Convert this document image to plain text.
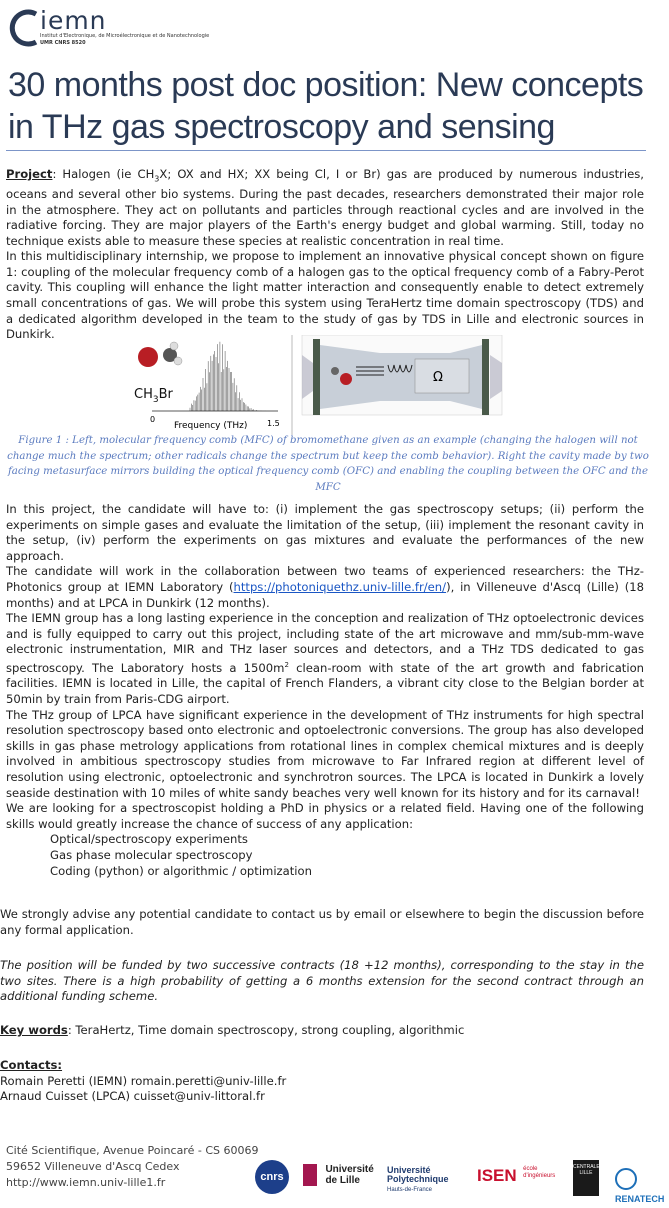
iemn
Institut d'Electronique, de Microélectronique et de Nanotechnologie
UMR CNRS 8520
30 months post doc position: New concepts in THz gas spectroscopy and sensing
Project: Halogen (ie $CH_3X$; OX and HX; XX being Cl, I or Br) gas are produced by numerous industries, oceans and several other bio systems. During the past decades, researchers demonstrated their major role in the atmosphere. They act on pollutants and particles through reactional cycles and are involved in the radiative forcing. They are major players of the Earth's energy budget and global warming. Still, today no technique exists able to measure these species at realistic concentration in real time.
In this multidisciplinary internship, we propose to implement an innovative physical concept shown on figure 1: coupling of the molecular frequency comb of a halogen gas to the optical frequency comb of a Fabry-Perot cavity. This coupling will enhance the light matter interaction and consequently enable to detect extremely small concentrations of gas. We will probe this system using TeraHertz time domain spectroscopy (TDS) and a dedicated algorithm developed in the team to the study of gas by TDS in Lille and electronic sources in Dunkirk.
$CH_3Br$
0	1.5
Frequency (THz)
Ω
Figure 1 : Left, molecular frequency comb (MFC) of bromomethane given as an example (changing the halogen will not change much the spectrum; other radicals change the spectrum but keep the comb behavior). Right the cavity made by two facing metasurface mirrors building the optical frequency comb (OFC) and enabling the coupling between the OFC and the MFC
In this project, the candidate will have to: (i) implement the gas spectroscopy setups; (ii) perform the experiments on simple gases and evaluate the limitation of the setup, (iii) implement the resonant cavity in the setup, (iv) perform the experiments on gas mixtures and evaluate the performances of the new approach.
The candidate will work in the collaboration between two teams of experienced researchers: the THz-Photonics group at IEMN Laboratory (https://photoniquethz.univ-lille.fr/en/), in Villeneuve d'Ascq (Lille) (18 months) and at LPCA in Dunkirk (12 months).
The IEMN group has a long lasting experience in the conception and realization of THz optoelectronic devices and is fully equipped to carry out this project, including state of the art microwave and mm/sub-mm-wave electronic instrumentation, MIR and THz laser sources and detectors, and a THz TDS dedicated to gas spectroscopy. The Laboratory hosts a $1500m^2$ clean-room with state of the art growth and fabrication facilities. IEMN is located in Lille, the capital of French Flanders, a vibrant city close to the Belgian border at 50min by train from Paris-CDG airport.
The THz group of LPCA have significant experience in the development of THz instruments for high spectral resolution spectroscopy based onto electronic and optoelectronic conversions. The group has also developed skills in gas phase metrology applications from rotational lines in complex chemical mixtures and is deeply involved in ambitious spectroscopy studies from microwave to Far Infrared region at different level of resolution using electronic, optoelectronic and synchrotron sources. The LPCA is located in Dunkirk a lovely seaside destination with 10 miles of white sandy beaches very well known for its history and for its carnaval!
We are looking for a spectroscopist holding a PhD in physics or a related field. Having one of the following skills would greatly increase the chance of success of any application:
Optical/spectroscopy experiments
Gas phase molecular spectroscopy
Coding (python) or algorithmic / optimization
We strongly advise any potential candidate to contact us by email or elsewhere to begin the discussion before any formal application.
The position will be funded by two successive contracts (18 +12 months), corresponding to the stay in the two sites. There is a high probability of getting a 6 months extension for the second contract through an additional funding scheme.
Key words: TeraHertz, Time domain spectroscopy, strong coupling, algorithmic
Contacts:
Romain Peretti (IEMN) romain.peretti@univ-lille.fr
Arnaud Cuisset (LPCA) cuisset@univ-littoral.fr
Cité Scientifique, Avenue Poincaré - CS 60069
59652 Villeneuve d'Ascq Cedex
http://www.iemn.univ-lille1.fr	cnrs
Université
de Lille
Université
Polytechnique
Hauts-de-France
ISEN école d'ingénieurs
CENTRALE LILLE
RENATECH
